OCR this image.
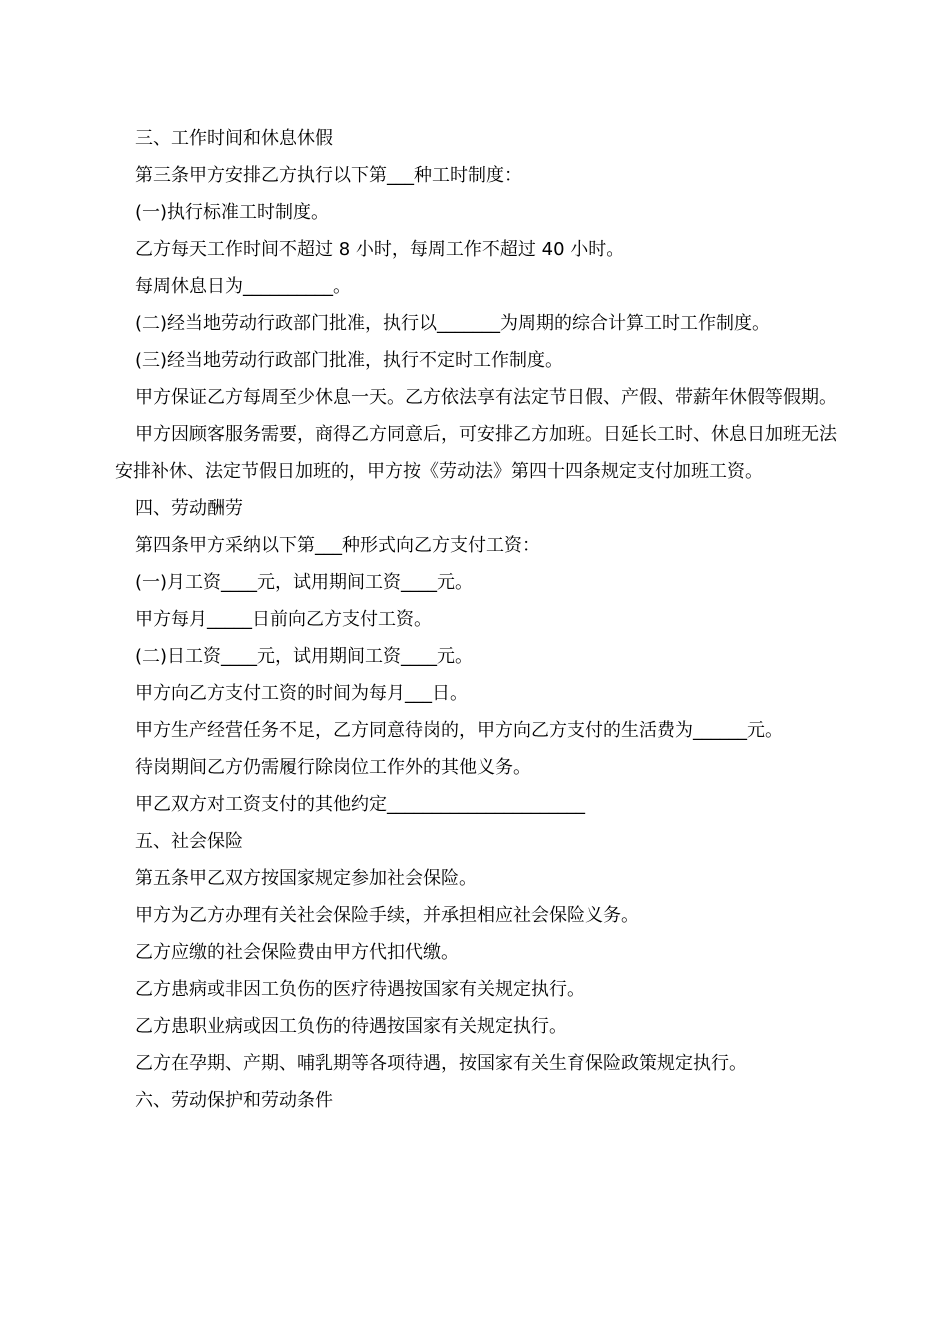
三、工作时间和休息休假

第三条甲方安排乙方执行以下第___种工时制度：

(一)执行标准工时制度。

乙方每天工作时间不超过 8 小时，每周工作不超过 40 小时。

每周休息日为__________。

(二)经当地劳动行政部门批准，执行以_______为周期的综合计算工时工作制度。

(三)经当地劳动行政部门批准，执行不定时工作制度。

甲方保证乙方每周至少休息一天。乙方依法享有法定节日假、产假、带薪年休假等假期。

甲方因顾客服务需要，商得乙方同意后，可安排乙方加班。日延长工时、休息日加班无法安排补休、法定节假日加班的，甲方按《劳动法》第四十四条规定支付加班工资。

四、劳动酬劳

第四条甲方采纳以下第___种形式向乙方支付工资：

(一)月工资____元，试用期间工资____元。

甲方每月_____日前向乙方支付工资。

(二)日工资____元，试用期间工资____元。

甲方向乙方支付工资的时间为每月___日。

甲方生产经营任务不足，乙方同意待岗的，甲方向乙方支付的生活费为______元。

待岗期间乙方仍需履行除岗位工作外的其他义务。

甲乙双方对工资支付的其他约定______________________

五、社会保险

第五条甲乙双方按国家规定参加社会保险。

甲方为乙方办理有关社会保险手续，并承担相应社会保险义务。

乙方应缴的社会保险费由甲方代扣代缴。

乙方患病或非因工负伤的医疗待遇按国家有关规定执行。

乙方患职业病或因工负伤的待遇按国家有关规定执行。

乙方在孕期、产期、哺乳期等各项待遇，按国家有关生育保险政策规定执行。

六、劳动保护和劳动条件
